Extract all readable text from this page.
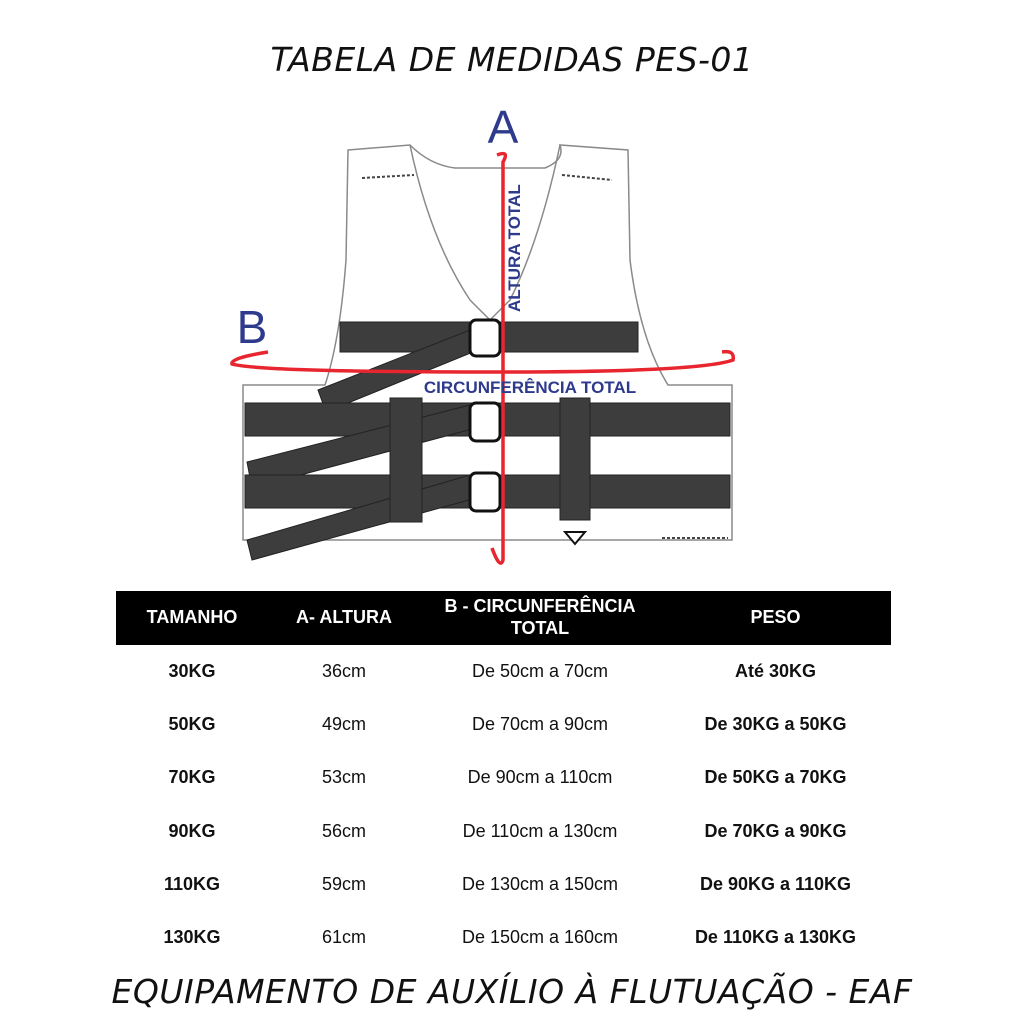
TABELA DE MEDIDAS PES-01
A
B
ALTURA TOTAL
CIRCUNFERÊNCIA TOTAL
TAMANHO	A- ALTURA	B - CIRCUNFERÊNCIA TOTAL	PESO
30KG	36cm	De 50cm a 70cm	Até 30KG
50KG	49cm	De 70cm a 90cm	De 30KG a 50KG
70KG	53cm	De 90cm a 110cm	De 50KG a 70KG
90KG	56cm	De 110cm a 130cm	De 70KG a 90KG
110KG	59cm	De 130cm a 150cm	De 90KG a 110KG
130KG	61cm	De 150cm a 160cm	De 110KG a 130KG
EQUIPAMENTO DE AUXÍLIO À FLUTUAÇÃO - EAF
